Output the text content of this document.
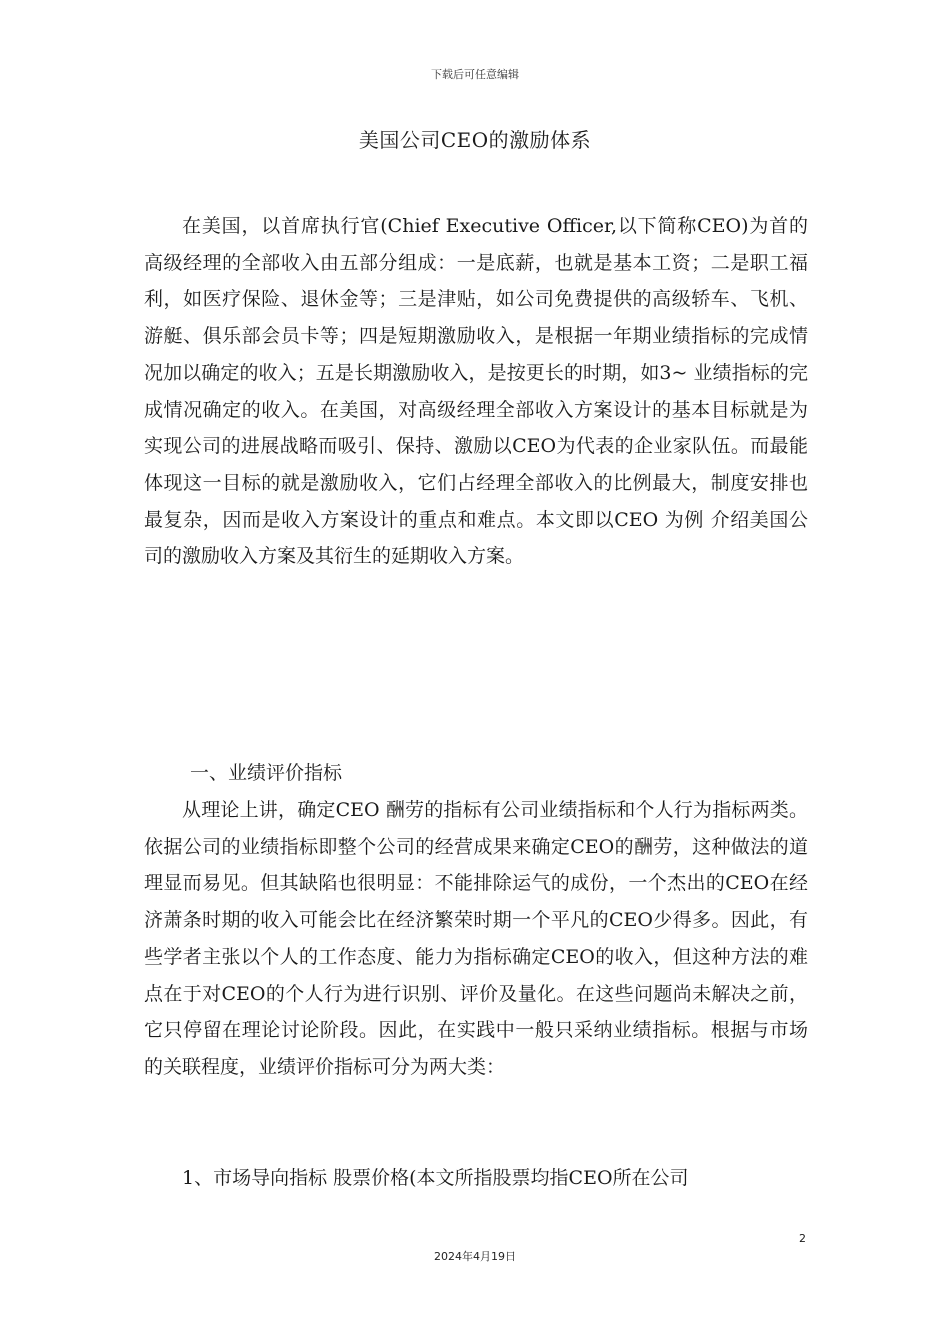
下载后可任意编辑
美国公司CEO的激励体系

在美国，以首席执行官(Chief Executive Officer,以下简称CEO)为首的高级经理的全部收入由五部分组成：一是底薪，也就是基本工资；二是职工福利，如医疗保险、退休金等；三是津贴，如公司免费提供的高级轿车、飞机、游艇、俱乐部会员卡等；四是短期激励收入，是根据一年期业绩指标的完成情况加以确定的收入；五是长期激励收入，是按更长的时期，如3~ 业绩指标的完成情况确定的收入。在美国，对高级经理全部收入方案设计的基本目标就是为实现公司的进展战略而吸引、保持、激励以CEO为代表的企业家队伍。而最能体现这一目标的就是激励收入，它们占经理全部收入的比例最大，制度安排也最复杂，因而是收入方案设计的重点和难点。本文即以CEO 为例 介绍美国公司的激励收入方案及其衍生的延期收入方案。

一、业绩评价指标

从理论上讲，确定CEO 酬劳的指标有公司业绩指标和个人行为指标两类。依据公司的业绩指标即整个公司的经营成果来确定CEO的酬劳，这种做法的道理显而易见。但其缺陷也很明显：不能排除运气的成份，一个杰出的CEO在经济萧条时期的收入可能会比在经济繁荣时期一个平凡的CEO少得多。因此，有些学者主张以个人的工作态度、能力为指标确定CEO的收入，但这种方法的难点在于对CEO的个人行为进行识别、评价及量化。在这些问题尚未解决之前，它只停留在理论讨论阶段。因此，在实践中一般只采纳业绩指标。根据与市场的关联程度，业绩评价指标可分为两大类：

1、市场导向指标 股票价格(本文所指股票均指CEO所在公司

2
2024年4月19日
